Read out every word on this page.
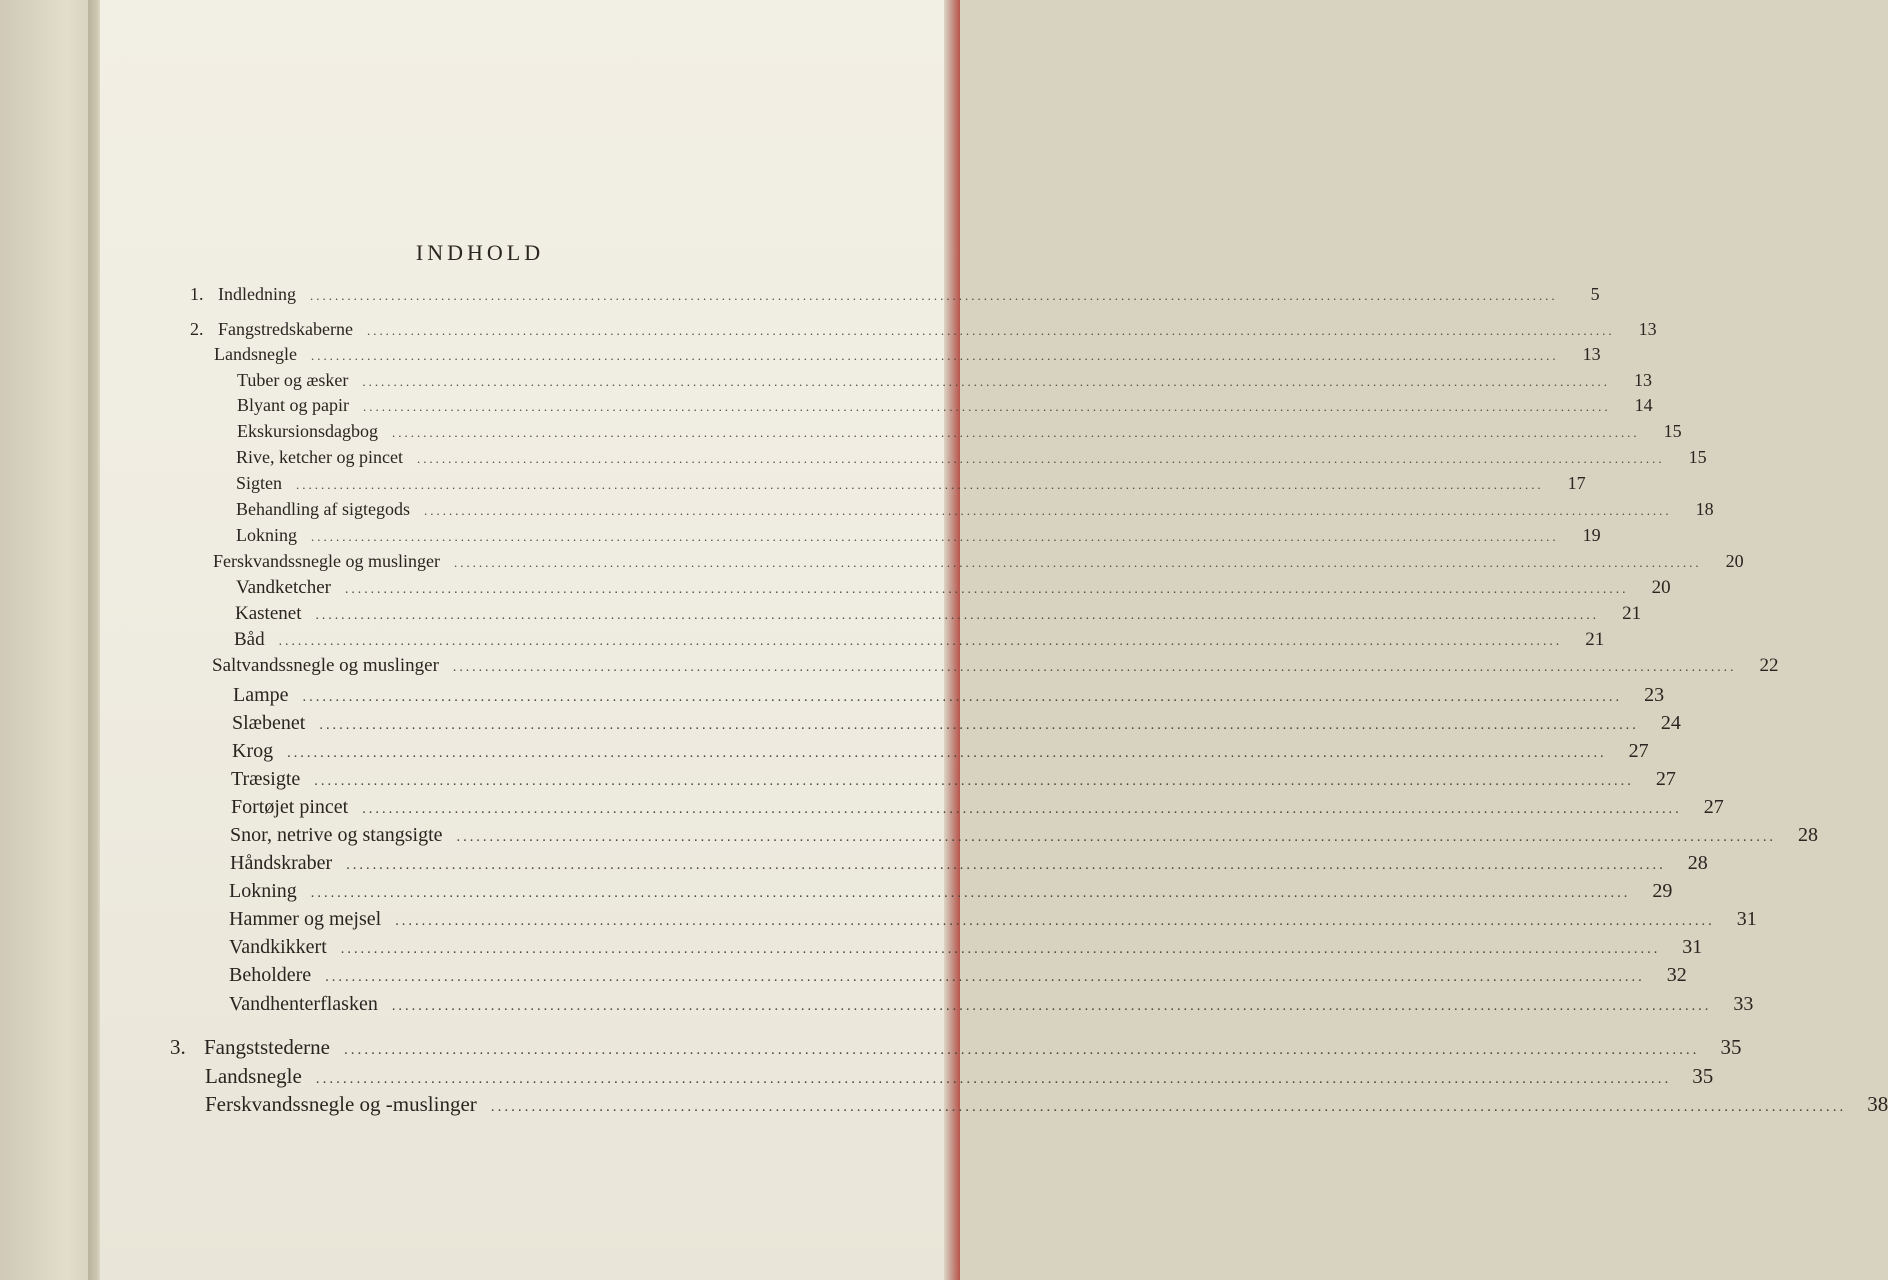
INDHOLD
1. Indledning ........................................................................................................................................................................................................	5
2. Fangstredskaberne ........................................................................................................................................................................................................	13
Landsnegle ........................................................................................................................................................................................................	13
Tuber og æsker ........................................................................................................................................................................................................	13
Blyant og papir ........................................................................................................................................................................................................	14
Ekskursionsdagbog ........................................................................................................................................................................................................	15
Rive, ketcher og pincet ........................................................................................................................................................................................................	15
Sigten ........................................................................................................................................................................................................	17
Behandling af sigtegods ........................................................................................................................................................................................................	18
Lokning ........................................................................................................................................................................................................	19
Ferskvandssnegle og muslinger ........................................................................................................................................................................................................	20
Vandketcher ........................................................................................................................................................................................................	20
Kastenet ........................................................................................................................................................................................................	21
Båd ........................................................................................................................................................................................................	21
Saltvandssnegle og muslinger ........................................................................................................................................................................................................	22
Lampe ........................................................................................................................................................................................................	23
Slæbenet ........................................................................................................................................................................................................	24
Krog ........................................................................................................................................................................................................	27
Træsigte ........................................................................................................................................................................................................	27
Fortøjet pincet ........................................................................................................................................................................................................	27
Snor, netrive og stangsigte ........................................................................................................................................................................................................	28
Håndskraber ........................................................................................................................................................................................................	28
Lokning ........................................................................................................................................................................................................	29
Hammer og mejsel ........................................................................................................................................................................................................	31
Vandkikkert ........................................................................................................................................................................................................	31
Beholdere ........................................................................................................................................................................................................	32
Vandhenterflasken ........................................................................................................................................................................................................	33
3. Fangststederne ........................................................................................................................................................................................................	35
Landsnegle ........................................................................................................................................................................................................	35
Ferskvandssnegle og -muslinger ........................................................................................................................................................................................................	38
